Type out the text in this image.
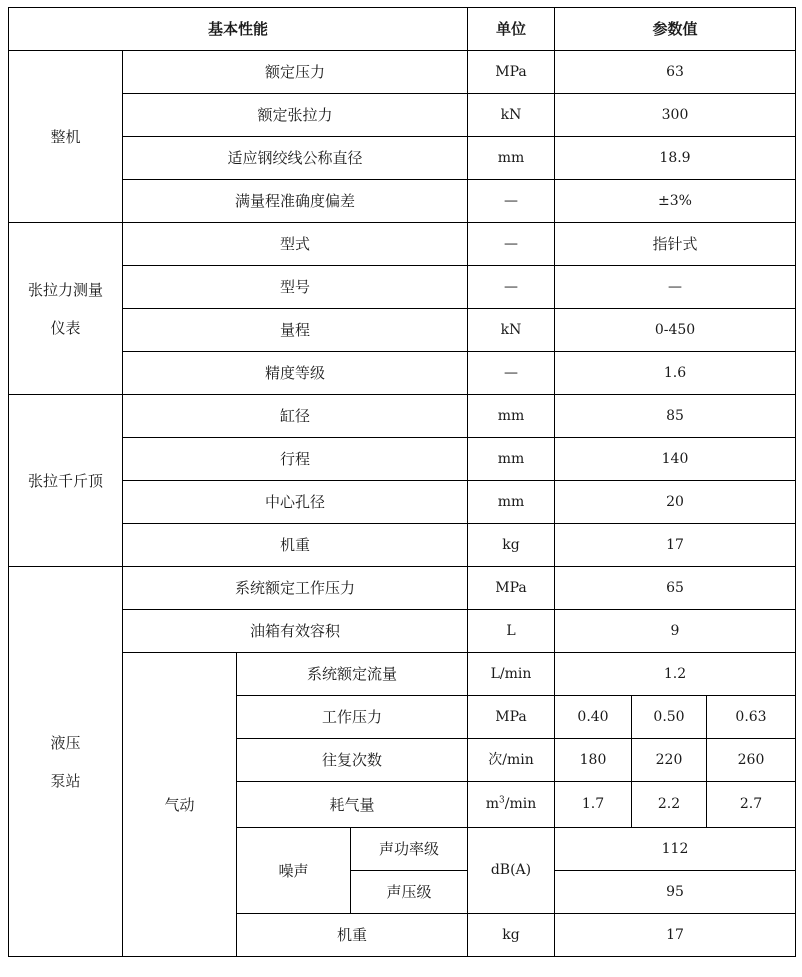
基本性能				单位	参数值		
整机	额定压力			MPa	63		
	额定张拉力			kN	300		
	适应钢绞线公称直径			mm	18.9		
	满量程准确度偏差			—	±3%		

张拉力测量
仪表	型式			—	指针式		
	型号			—	—		
	量程			kN	0-450		
	精度等级			—	1.6		
张拉千斤顶	缸径			mm	85		
	行程			mm	140		
	中心孔径			mm	20		
	机重			kg	17		

液压
泵站	系统额定工作压力			MPa	65		
	油箱有效容积			L	9		
	气动	系统额定流量		L/min	1.2		
		工作压力		MPa	0.40	0.50	0.63
		往复次数		次/min	180	220	260
		耗气量		$m^3/\min$	1.7	2.2	2.7
		噪声	声功率级	dB(A)	112		
			声压级		95		
		机重		kg	17		
